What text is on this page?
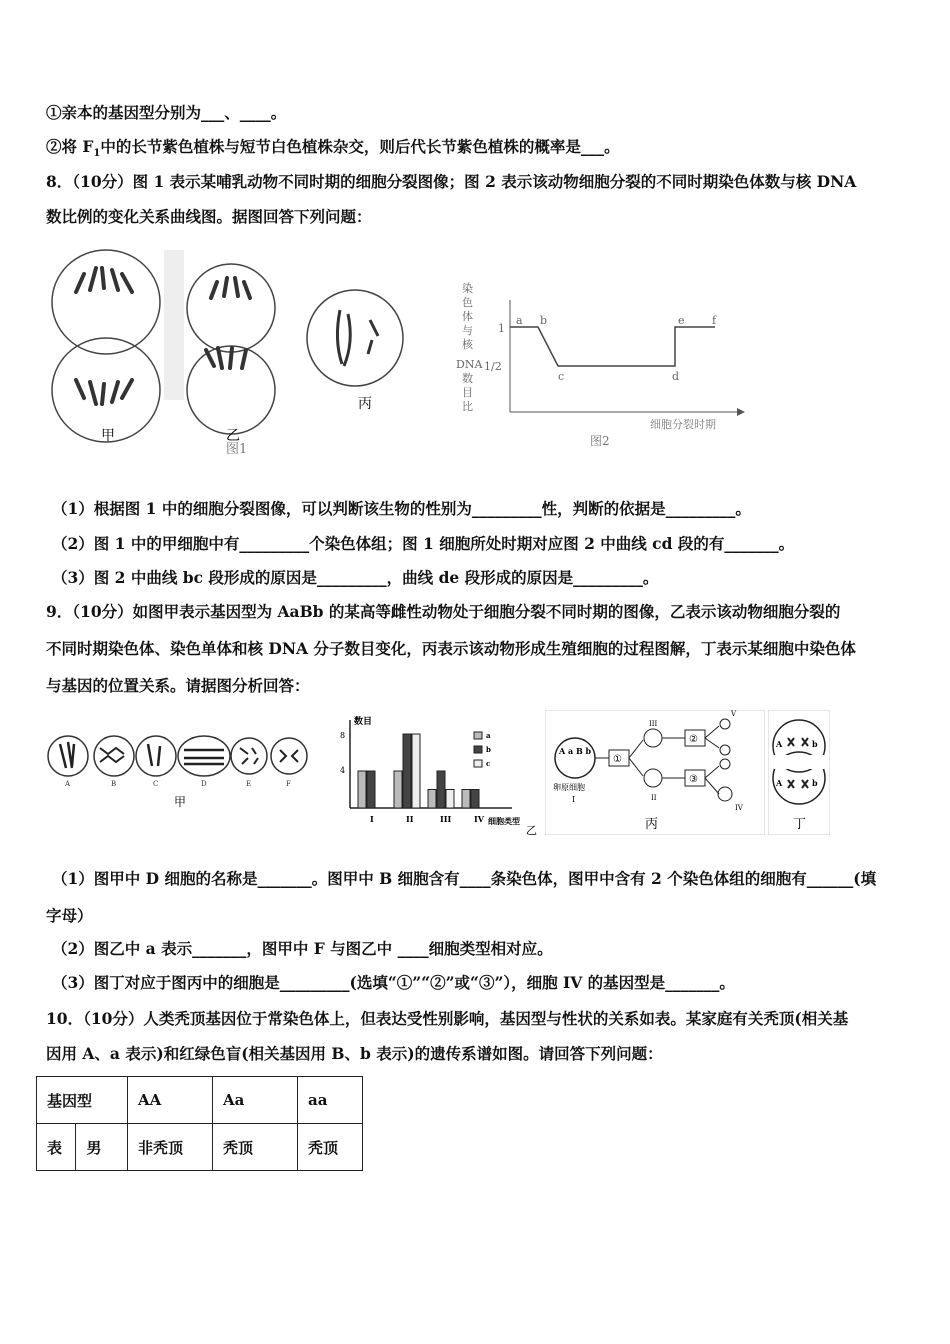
①亲本的基因型分别为___、____。
②将 $F_1$中的长节紫色植株与短节白色植株杂交，则后代长节紫色植株的概率是___。
8．（10分）图 1 表示某哺乳动物不同时期的细胞分裂图像；图 2 表示该动物细胞分裂的不同时期染色体数与核 DNA
数比例的变化关系曲线图。据图回答下列问题：
甲	乙
图1
丙
染
色
体
与
核
DNA
数
目
比
1
1/2
a b
c	d
e f
细胞分裂时期
图2
（1）根据图 1 中的细胞分裂图像，可以判断该生物的性别为_________性，判断的依据是_________。
（2）图 1 中的甲细胞中有_________个染色体组；图 1 细胞所处时期对应图 2 中曲线 cd 段的有_______。
（3）图 2 中曲线 bc 段形成的原因是_________，曲线 de 段形成的原因是_________。
9．（10分）如图甲表示基因型为 AaBb 的某高等雌性动物处于细胞分裂不同时期的图像，乙表示该动物细胞分裂的
不同时期染色体、染色单体和核 DNA 分子数目变化，丙表示该动物形成生殖细胞的过程图解，丁表示某细胞中染色体
与基因的位置关系。请据图分析回答：
A	B	C	D	E	F
甲
数目
8
4
a
b
c
I	II	III	IV 细胞类型
乙
A a B b
卵原细胞
I
①
III
II
②
③
V
IV
丙
A	b
A	b
丁
（1）图甲中 D 细胞的名称是_______。图甲中 B 细胞含有____条染色体，图甲中含有 2 个染色体组的细胞有______(填
字母）
（2）图乙中 a 表示_______，图甲中 F 与图乙中 ____细胞类型相对应。
（3）图丁对应于图丙中的细胞是_________(选填“①”“②”或“③”），细胞 IV 的基因型是_______。
10．（10分）人类秃顶基因位于常染色体上，但表达受性别影响，基因型与性状的关系如表。某家庭有关秃顶(相关基
因用 A、a 表示)和红绿色盲(相关基因用 B、b 表示)的遗传系谱如图。请回答下列问题：
基因型		AA	Aa	aa
表	男	非秃顶	秃顶	秃顶
